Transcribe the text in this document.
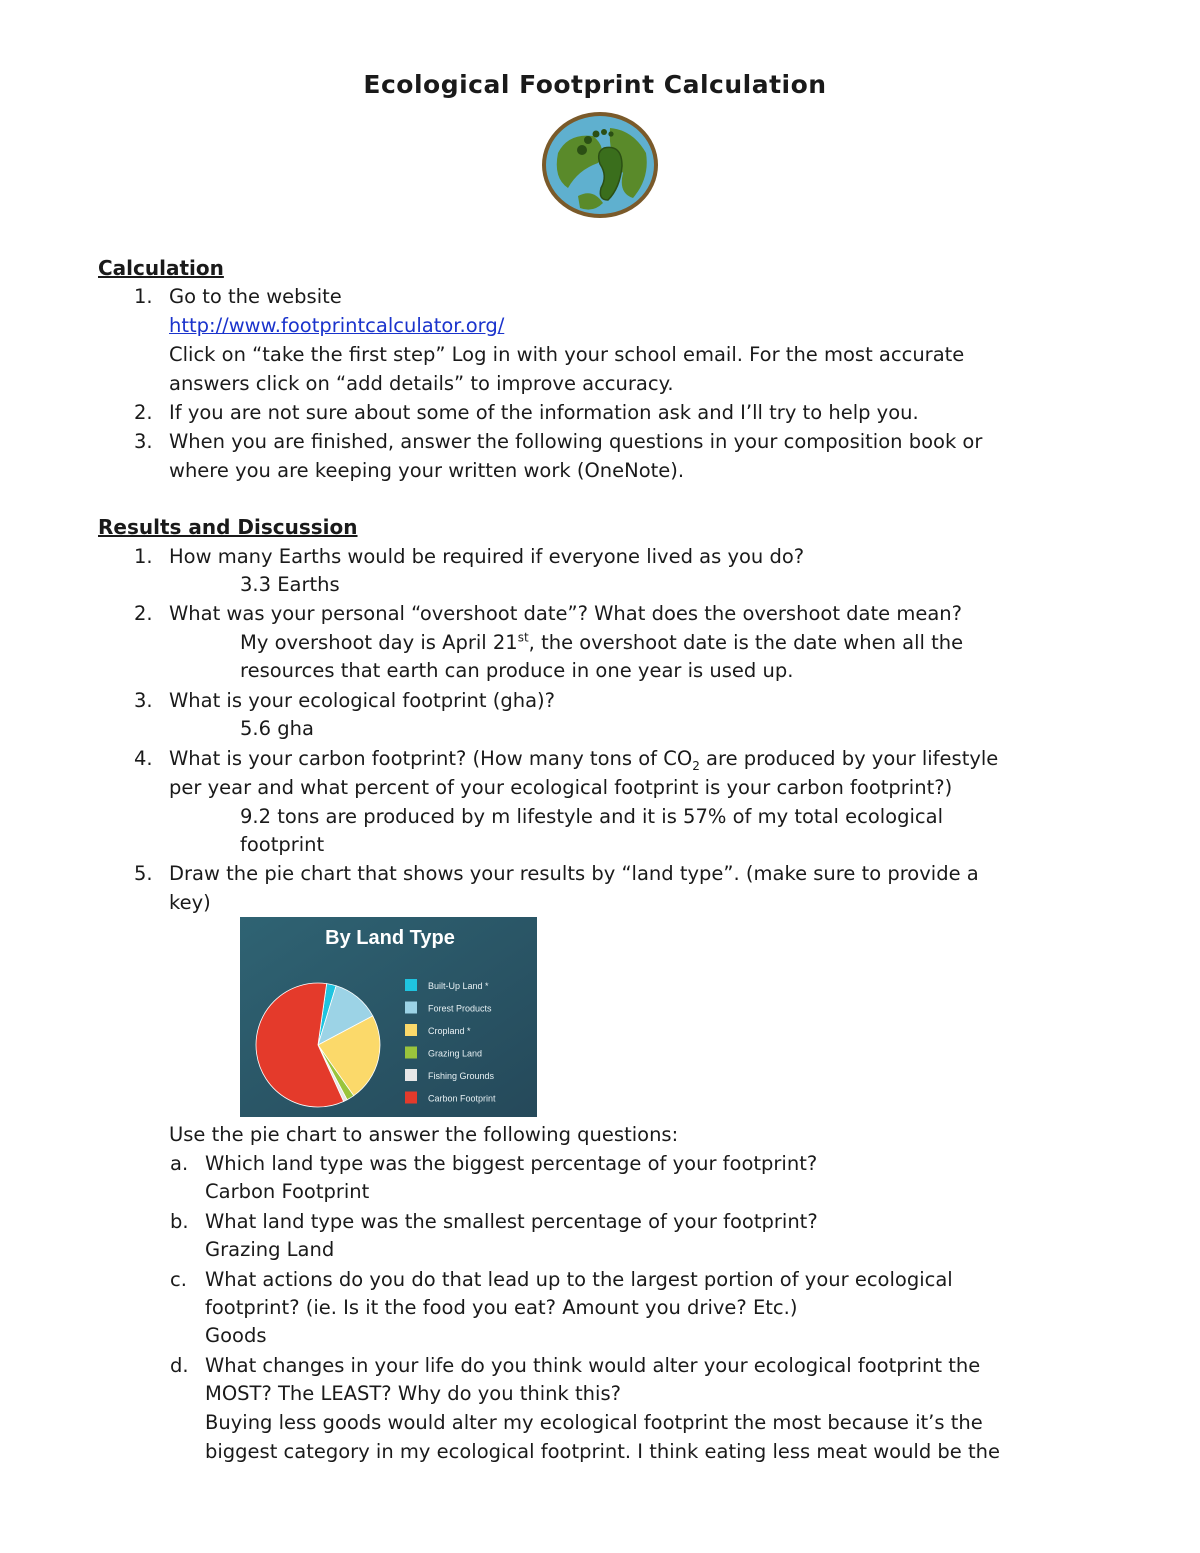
Ecological Footprint Calculation
Calculation
1. Go to the website
http://www.footprintcalculator.org/
Click on “take the first step” Log in with your school email. For the most accurate
answers click on “add details” to improve accuracy.
2. If you are not sure about some of the information ask and I’ll try to help you.
3. When you are finished, answer the following questions in your composition book or
where you are keeping your written work (OneNote).
Results and Discussion
1. How many Earths would be required if everyone lived as you do?
3.3 Earths
2. What was your personal “overshoot date”? What does the overshoot date mean?
My overshoot day is April 21st, the overshoot date is the date when all the
resources that earth can produce in one year is used up.
3. What is your ecological footprint (gha)?
5.6 gha
4. What is your carbon footprint? (How many tons of $CO_2$ are produced by your lifestyle
per year and what percent of your ecological footprint is your carbon footprint?)
9.2 tons are produced by m lifestyle and it is 57% of my total ecological
footprint
5. Draw the pie chart that shows your results by “land type”. (make sure to provide a
key)
By Land Type
Built-Up Land *
Forest Products
Cropland *
Grazing Land
Fishing Grounds
Carbon Footprint
Use the pie chart to answer the following questions:
a. Which land type was the biggest percentage of your footprint?
Carbon Footprint
b. What land type was the smallest percentage of your footprint?
Grazing Land
c. What actions do you do that lead up to the largest portion of your ecological
footprint? (ie. Is it the food you eat? Amount you drive? Etc.)
Goods
d. What changes in your life do you think would alter your ecological footprint the
MOST? The LEAST? Why do you think this?
Buying less goods would alter my ecological footprint the most because it’s the
biggest category in my ecological footprint. I think eating less meat would be the
